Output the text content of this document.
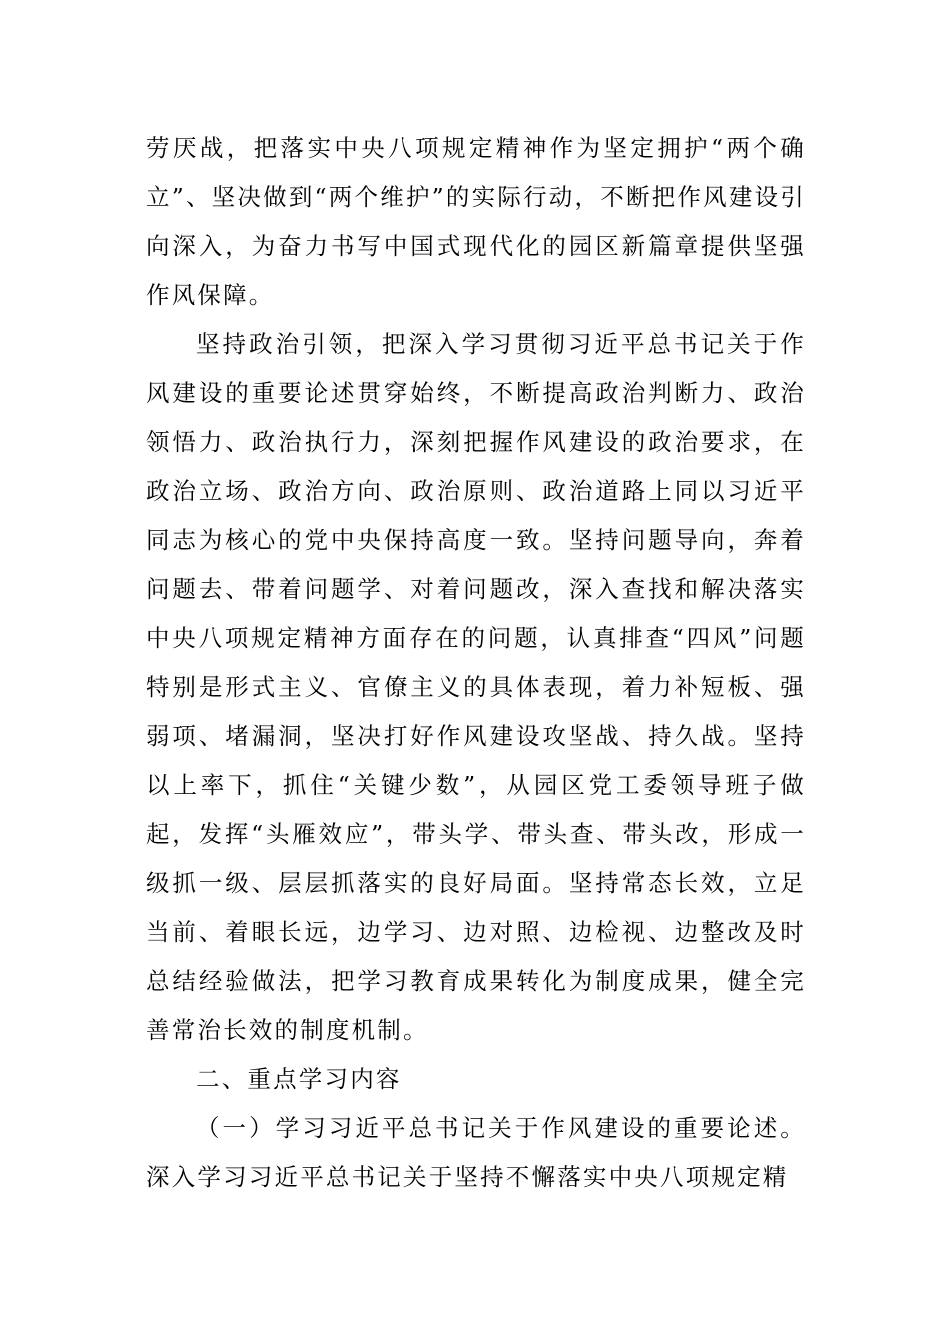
劳厌战，把落实中央八项规定精神作为坚定拥护“两个确立”、坚决做到“两个维护”的实际行动，不断把作风建设引向深入，为奋力书写中国式现代化的园区新篇章提供坚强作风保障。

坚持政治引领，把深入学习贯彻习近平总书记关于作风建设的重要论述贯穿始终，不断提高政治判断力、政治领悟力、政治执行力，深刻把握作风建设的政治要求，在政治立场、政治方向、政治原则、政治道路上同以习近平同志为核心的党中央保持高度一致。坚持问题导向，奔着问题去、带着问题学、对着问题改，深入查找和解决落实中央八项规定精神方面存在的问题，认真排查“四风”问题特别是形式主义、官僚主义的具体表现，着力补短板、强弱项、堵漏洞，坚决打好作风建设攻坚战、持久战。坚持以上率下，抓住“关键少数”，从园区党工委领导班子做起，发挥“头雁效应”，带头学、带头查、带头改，形成一级抓一级、层层抓落实的良好局面。坚持常态长效，立足当前、着眼长远，边学习、边对照、边检视、边整改及时总结经验做法，把学习教育成果转化为制度成果，健全完善常治长效的制度机制。

二、重点学习内容

（一）学习习近平总书记关于作风建设的重要论述。深入学习习近平总书记关于坚持不懈落实中央八项规定精
